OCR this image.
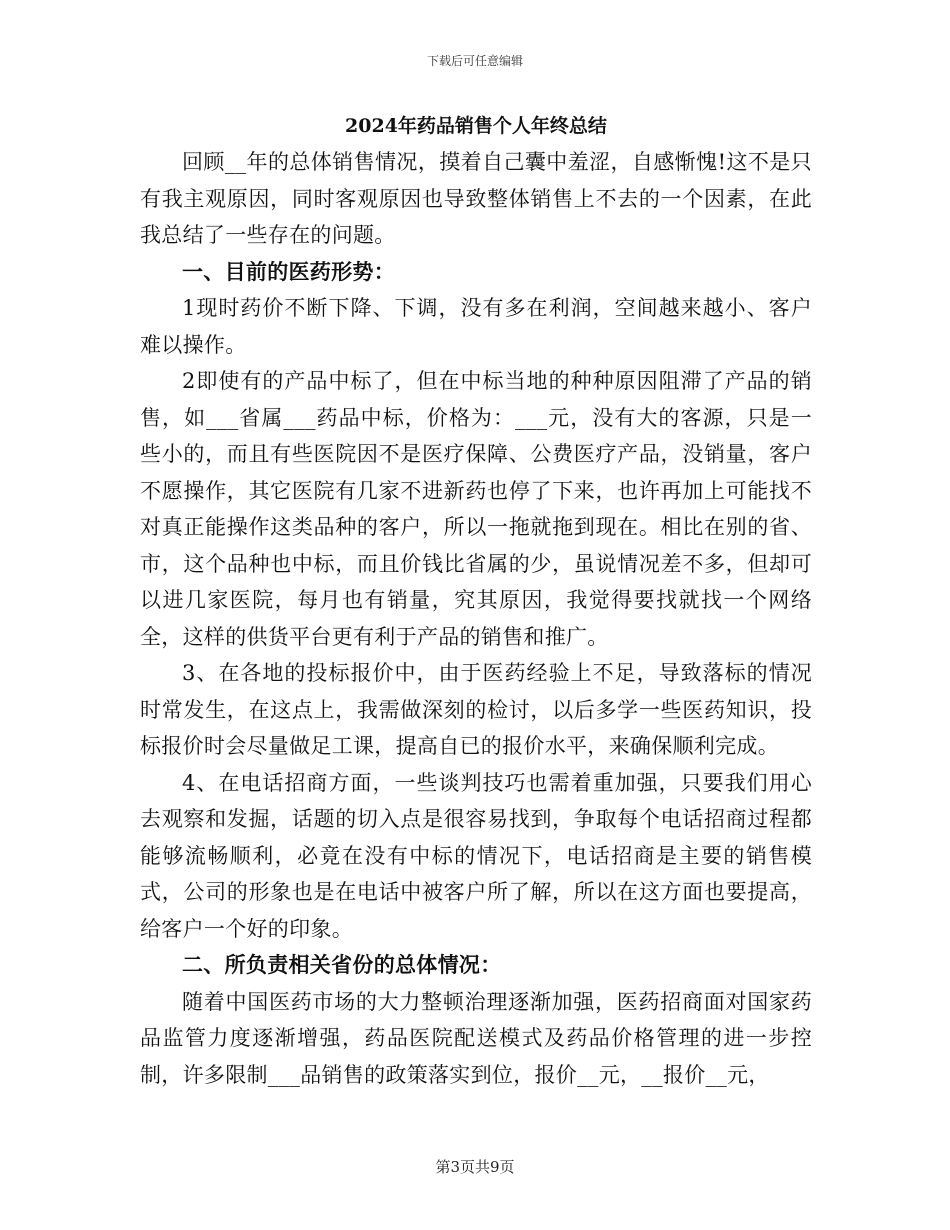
下载后可任意编辑
2024年药品销售个人年终总结

回顾__年的总体销售情况，摸着自己囊中羞涩，自感惭愧!这不是只有我主观原因，同时客观原因也导致整体销售上不去的一个因素，在此我总结了一些存在的问题。

一、目前的医药形势：

1现时药价不断下降、下调，没有多在利润，空间越来越小、客户难以操作。

2即使有的产品中标了，但在中标当地的种种原因阻滞了产品的销售，如___省属___药品中标，价格为：___元，没有大的客源，只是一些小的，而且有些医院因不是医疗保障、公费医疗产品，没销量，客户不愿操作，其它医院有几家不进新药也停了下来，也许再加上可能找不对真正能操作这类品种的客户，所以一拖就拖到现在。相比在别的省、市，这个品种也中标，而且价钱比省属的少，虽说情况差不多，但却可以进几家医院，每月也有销量，究其原因，我觉得要找就找一个网络全，这样的供货平台更有利于产品的销售和推广。

3、在各地的投标报价中，由于医药经验上不足，导致落标的情况时常发生，在这点上，我需做深刻的检讨，以后多学一些医药知识，投标报价时会尽量做足工课，提高自已的报价水平，来确保顺利完成。

4、在电话招商方面，一些谈判技巧也需着重加强，只要我们用心去观察和发掘，话题的切入点是很容易找到，争取每个电话招商过程都能够流畅顺利，必竟在没有中标的情况下，电话招商是主要的销售模式，公司的形象也是在电话中被客户所了解，所以在这方面也要提高，给客户一个好的印象。

二、所负责相关省份的总体情况：

随着中国医药市场的大力整顿治理逐渐加强，医药招商面对国家药品监管力度逐渐增强，药品医院配送模式及药品价格管理的进一步控制，许多限制___品销售的政策落实到位，报价__元，__报价__元，

第3页共9页
